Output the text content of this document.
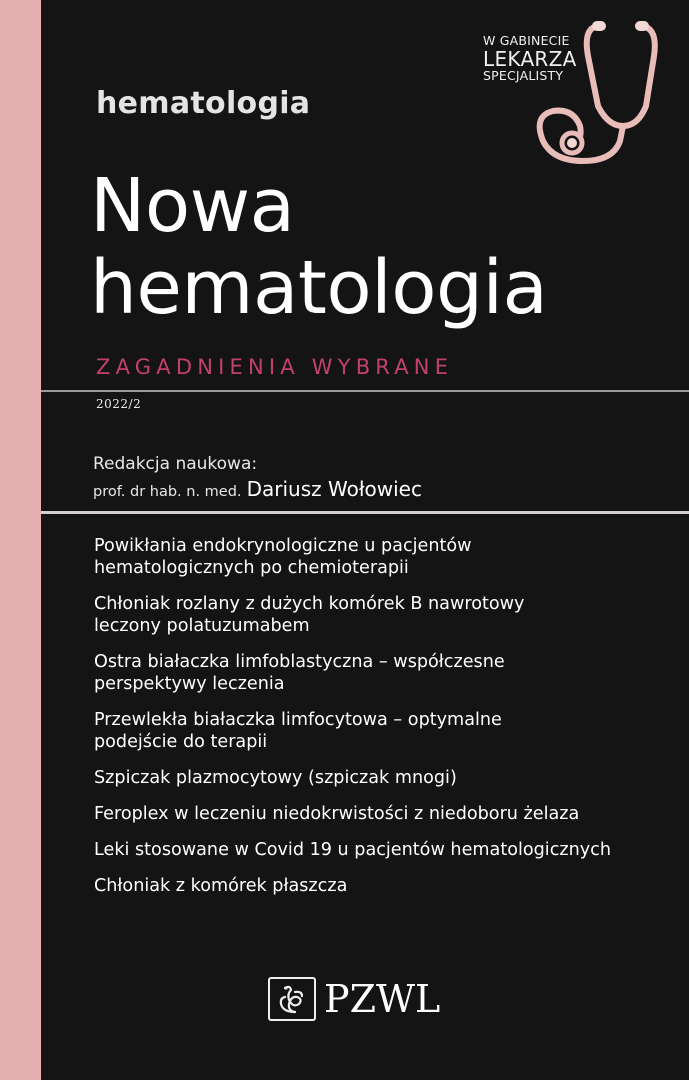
hematologia
W GABINECIE
LEKARZA
SPECJALISTY
Nowa
hematologia
ZAGADNIENIA WYBRANE
2022/2
Redakcja naukowa:
prof. dr hab. n. med. Dariusz Wołowiec
Powikłania endokrynologiczne u pacjentów
hematologicznych po chemioterapii
Chłoniak rozlany z dużych komórek B nawrotowy
leczony polatuzumabem
Ostra białaczka limfoblastyczna – współczesne
perspektywy leczenia
Przewlekła białaczka limfocytowa – optymalne
podejście do terapii
Szpiczak plazmocytowy (szpiczak mnogi)
Feroplex w leczeniu niedokrwistości z niedoboru żelaza
Leki stosowane w Covid 19 u pacjentów hematologicznych
Chłoniak z komórek płaszcza
PZWL
